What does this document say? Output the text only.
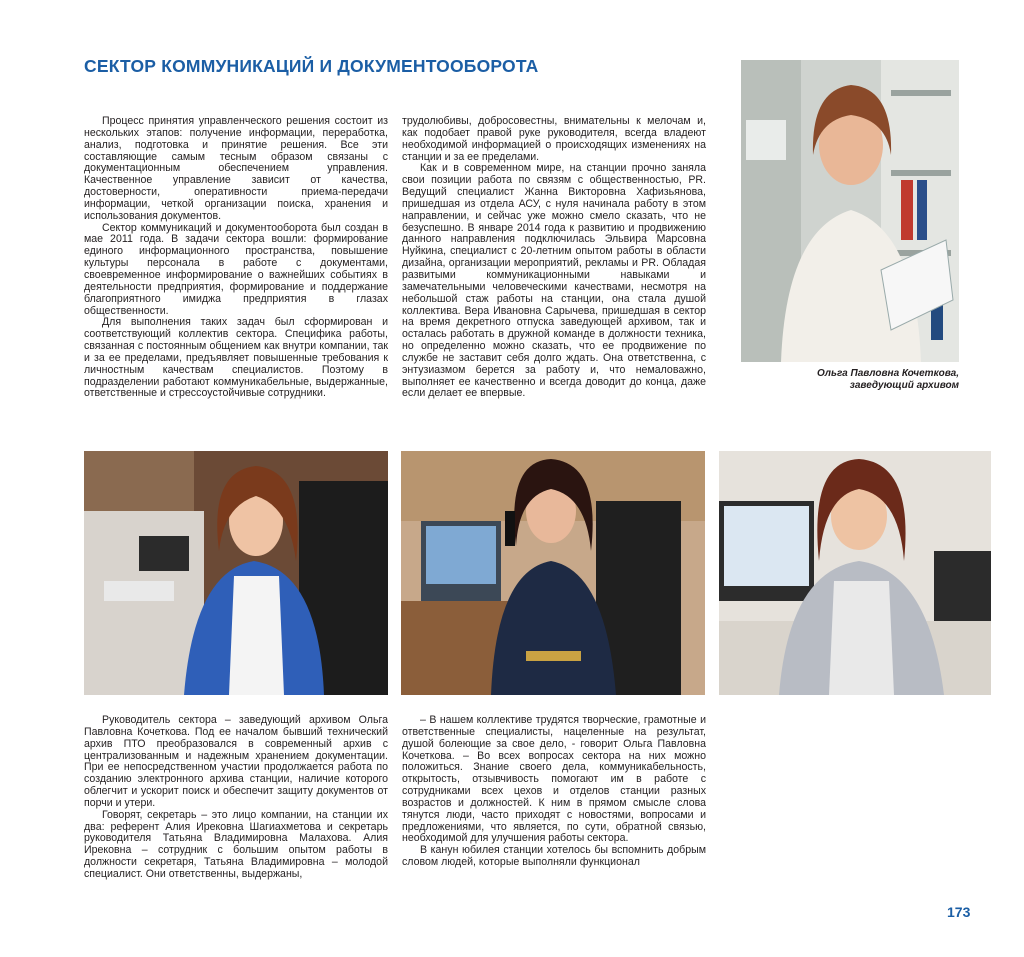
СЕКТОР КОММУНИКАЦИЙ И ДОКУМЕНТООБОРОТА

Процесс принятия управленческого решения состоит из нескольких этапов: получение информации, переработка, анализ, подготовка и принятие решения. Все эти составляющие самым тесным образом связаны с документационным обеспечением управления. Качественное управление зависит от качества, достоверности, оперативности приема-передачи информации, четкой организации поиска, хранения и использования документов.

Сектор коммуникаций и документооборота был создан в мае 2011 года. В задачи сектора вошли: формирование единого информационного пространства, повышение культуры персонала в работе с документами, своевременное информирование о важнейших событиях в деятельности предприятия, формирование и поддержание благоприятного имиджа предприятия в глазах общественности.

Для выполнения таких задач был сформирован и соответствующий коллектив сектора. Специфика работы, связанная с постоянным общением как внутри компании, так и за ее пределами, предъявляет повышенные требования к личностным качествам специалистов. Поэтому в подразделении работают коммуникабельные, выдержанные, ответственные и стрессоустойчивые сотрудники.

трудолюбивы, добросовестны, внимательны к мелочам и, как подобает правой руке руководителя, всегда владеют необходимой информацией о происходящих изменениях на станции и за ее пределами.

Как и в современном мире, на станции прочно заняла свои позиции работа по связям с общественностью, PR. Ведущий специалист Жанна Викторовна Хафизьянова, пришедшая из отдела АСУ, с нуля начинала работу в этом направлении, и сейчас уже можно смело сказать, что не безуспешно. В январе 2014 года к развитию и продвижению данного направления подключилась Эльвира Марсовна Нуйкина, специалист с 20-летним опытом работы в области дизайна, организации мероприятий, рекламы и PR. Обладая развитыми коммуникационными навыками и замечательными человеческими качествами, несмотря на небольшой стаж работы на станции, она стала душой коллектива. Вера Ивановна Сарычева, пришедшая в сектор на время декретного отпуска заведующей архивом, так и осталась работать в дружной команде в должности техника, но определенно можно сказать, что ее продвижение по службе не заставит себя долго ждать. Она ответственна, с энтузиазмом берется за работу и, что немаловажно, выполняет ее качественно и всегда доводит до конца, даже если делает ее впервые.

Ольга Павловна Кочеткова,
заведующий архивом

Руководитель сектора – заведующий архивом Ольга Павловна Кочеткова. Под ее началом бывший технический архив ПТО преобразовался в современный архив с централизованным и надежным хранением документации. При ее непосредственном участии продолжается работа по созданию электронного архива станции, наличие которого облегчит и ускорит поиск и обеспечит защиту документов от порчи и утери.

Говорят, секретарь – это лицо компании, на станции их два: референт Алия Ирековна Шагиахметова и секретарь руководителя Татьяна Владимировна Малахова. Алия Ирековна – сотрудник с большим опытом работы в должности секретаря, Татьяна Владимировна – молодой специалист. Они ответственны, выдержаны,

– В нашем коллективе трудятся творческие, грамотные и ответственные специалисты, нацеленные на результат, душой болеющие за свое дело, - говорит Ольга Павловна Кочеткова. – Во всех вопросах сектора на них можно положиться. Знание своего дела, коммуникабельность, открытость, отзывчивость помогают им в работе с сотрудниками всех цехов и отделов станции разных возрастов и должностей. К ним в прямом смысле слова тянутся люди, часто приходят с новостями, вопросами и предложениями, что является, по сути, обратной связью, необходимой для улучшения работы сектора.

В канун юбилея станции хотелось бы вспомнить добрым словом людей, которые выполняли функционал

173
